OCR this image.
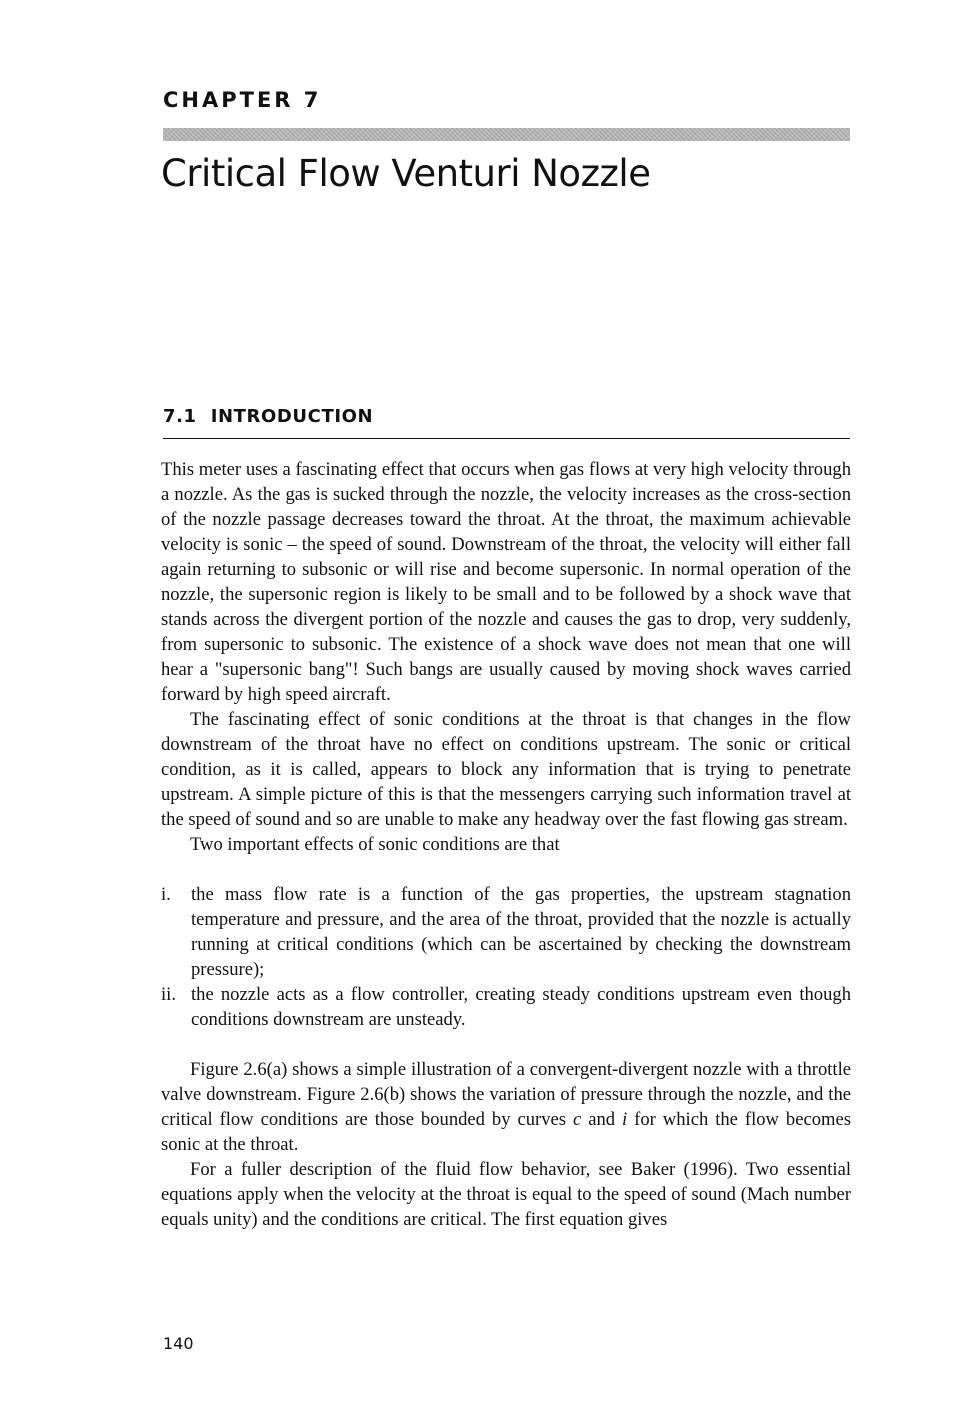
CHAPTER 7
Critical Flow Venturi Nozzle
7.1 INTRODUCTION

This meter uses a fascinating effect that occurs when gas flows at very high velocity through a nozzle. As the gas is sucked through the nozzle, the velocity increases as the cross-section of the nozzle passage decreases toward the throat. At the throat, the maximum achievable velocity is sonic – the speed of sound. Downstream of the throat, the velocity will either fall again returning to subsonic or will rise and become supersonic. In normal operation of the nozzle, the supersonic region is likely to be small and to be followed by a shock wave that stands across the divergent portion of the nozzle and causes the gas to drop, very suddenly, from supersonic to subsonic. The existence of a shock wave does not mean that one will hear a "supersonic bang"! Such bangs are usually caused by moving shock waves carried forward by high speed aircraft.

The fascinating effect of sonic conditions at the throat is that changes in the flow downstream of the throat have no effect on conditions upstream. The sonic or critical condition, as it is called, appears to block any information that is trying to penetrate upstream. A simple picture of this is that the messengers carrying such information travel at the speed of sound and so are unable to make any headway over the fast flowing gas stream.

Two important effects of sonic conditions are that

i.	the mass flow rate is a function of the gas properties, the upstream stagnation temperature and pressure, and the area of the throat, provided that the nozzle is actually running at critical conditions (which can be ascertained by checking the downstream pressure);
ii. the nozzle acts as a flow controller, creating steady conditions upstream even though conditions downstream are unsteady.

Figure 2.6(a) shows a simple illustration of a convergent-divergent nozzle with a throttle valve downstream. Figure 2.6(b) shows the variation of pressure through the nozzle, and the critical flow conditions are those bounded by curves c and i for which the flow becomes sonic at the throat.

For a fuller description of the fluid flow behavior, see Baker (1996). Two essential equations apply when the velocity at the throat is equal to the speed of sound (Mach number equals unity) and the conditions are critical. The first equation gives

140
